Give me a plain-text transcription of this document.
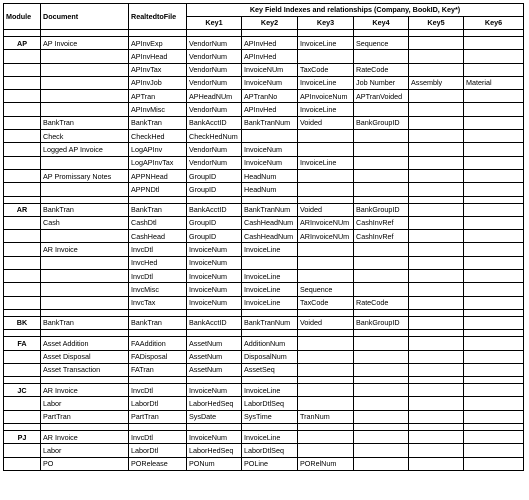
Module	Document	RealtedtoFile	Key Field Indexes and relationships (Company, BookID, Key*)					
			Key1	Key2	Key3	Key4	Key5	Key6

AP	AP Invoice	APInvExp	VendorNum	APInvHed	InvoiceLine	Sequence		
		APInvHead	VendorNum	APInvHed				
		APInvTax	VendorNum	InvoiceNUm	TaxCode	RateCode		
		APInvJob	VendorNum	InvoiceNum	InvoiceLine	Job Number	Assembly	Material
		APTran	APHeadNUm	APTranNo	APInvoiceNum	APTranVoided		
		APInvMisc	VendorNum	APInvHed	InvoiceLine			
	BankTran	BankTran	BankAcctID	BankTranNum	Voided	BankGroupID		
	Check	CheckHed	CheckHedNum					
	Logged AP Invoice	LogAPInv	VendorNum	InvoiceNum				
		LogAPInvTax	VendorNum	InvoiceNum	InvoiceLine			
	AP Promissary Notes	APPNHead	GroupID	HeadNum				
		APPNDtl	GroupID	HeadNum				

AR	BankTran	BankTran	BankAcctID	BankTranNum	Voided	BankGroupID		
	Cash	CashDtl	GroupID	CashHeadNum	ARInvoiceNUm	CashInvRef		
		CashHead	GroupID	CashHeadNum	ARInvoiceNUm	CashInvRef		
	AR Invoice	InvcDtl	InvoiceNum	InvoiceLine				
		InvcHed	InvoiceNum					
		InvcDtl	InvoiceNum	InvoiceLine				
		InvcMisc	InvoiceNum	InvoiceLine	Sequence			
		InvcTax	InvoiceNum	InvoiceLine	TaxCode	RateCode		

BK	BankTran	BankTran	BankAcctID	BankTranNum	Voided	BankGroupID		

FA	Asset Addition	FAAddition	AssetNum	AdditionNum				
	Asset Disposal	FADisposal	AssetNum	DisposalNum				
	Asset Transaction	FATran	AssetNum	AssetSeq				

JC	AR Invoice	InvcDtl	InvoiceNum	InvoiceLine				
	Labor	LaborDtl	LaborHedSeq	LaborDtlSeq				
	PartTran	PartTran	SysDate	SysTime	TranNum			

PJ	AR Invoice	InvcDtl	InvoiceNum	InvoiceLine				
	Labor	LaborDtl	LaborHedSeq	LaborDtlSeq				
	PO	PORelease	PONum	POLine	PORelNum			
